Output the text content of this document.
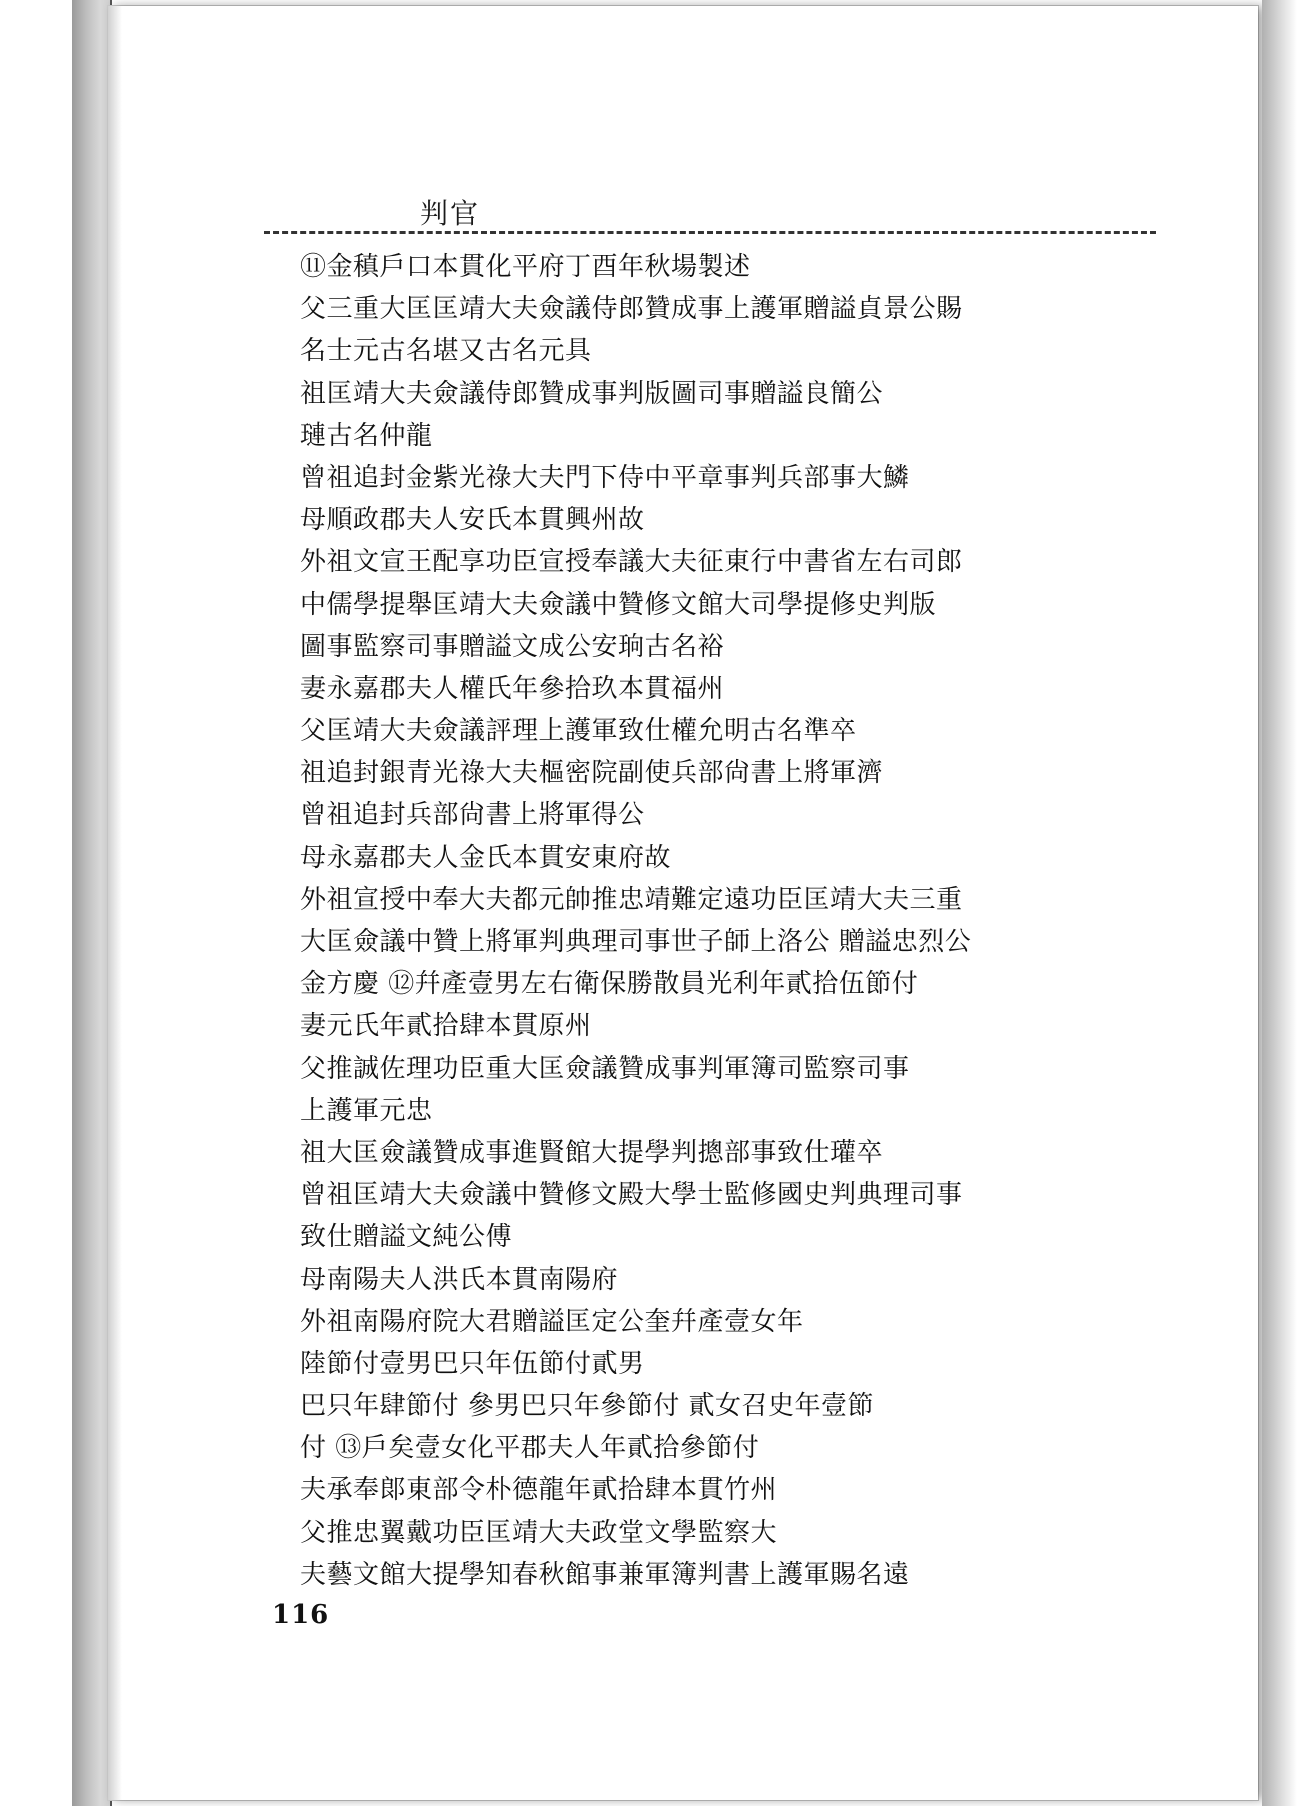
判官
⑪金稹戶口本貫化平府丁酉年秋場製述
父三重大匡匡靖大夫僉議侍郎贊成事上護軍贈謚貞景公賜
名士元古名堪又古名元具
祖匡靖大夫僉議侍郎贊成事判版圖司事贈謚良簡公
璉古名仲龍
曾祖追封金紫光祿大夫門下侍中平章事判兵部事大鱗
母順政郡夫人安氏本貫興州故
外祖文宣王配享功臣宣授奉議大夫征東行中書省左右司郎
中儒學提舉匡靖大夫僉議中贊修文館大司學提修史判版
圖事監察司事贈謚文成公安珦古名裕
妻永嘉郡夫人權氏年參拾玖本貫福州
父匡靖大夫僉議評理上護軍致仕權允明古名準卒
祖追封銀青光祿大夫樞密院副使兵部尙書上將軍濟
曾祖追封兵部尙書上將軍得公
母永嘉郡夫人金氏本貫安東府故
外祖宣授中奉大夫都元帥推忠靖難定遠功臣匡靖大夫三重
大匡僉議中贊上將軍判典理司事世子師上洛公 贈謚忠烈公
金方慶 ⑫幷產壹男左右衛保勝散員光利年貳拾伍節付
妻元氏年貳拾肆本貫原州
父推誠佐理功臣重大匡僉議贊成事判軍簿司監察司事
上護軍元忠
祖大匡僉議贊成事進賢館大提學判摠部事致仕瓘卒
曾祖匡靖大夫僉議中贊修文殿大學士監修國史判典理司事
致仕贈謚文純公傅
母南陽夫人洪氏本貫南陽府
外祖南陽府院大君贈謚匡定公奎幷產壹女年
陸節付壹男巴只年伍節付貳男
巴只年肆節付 參男巴只年參節付 貳女召史年壹節
付 ⑬戶矣壹女化平郡夫人年貳拾參節付
夫承奉郞東部令朴德龍年貳拾肆本貫竹州
父推忠翼戴功臣匡靖大夫政堂文學監察大
夫藝文館大提學知春秋館事兼軍簿判書上護軍賜名遠
116
